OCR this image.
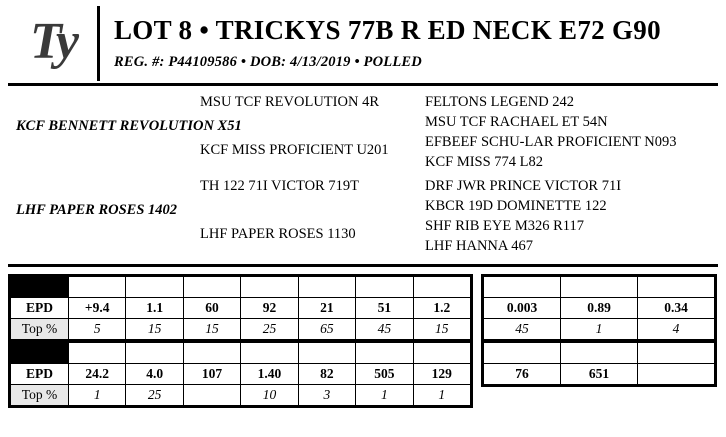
Ty LOT 8 • TRICKYS 77B R ED NECK E72 G90
REG. #: P44109586 • DOB: 4/13/2019 • POLLED
MSU TCF REVOLUTION 4R
KCF BENNETT REVOLUTION X51
KCF MISS PROFICIENT U201
FELTONS LEGEND 242
MSU TCF RACHAEL ET 54N
EFBEEF SCHU-LAR PROFICIENT N093
KCF MISS 774 L82
TH 122 71I VICTOR 719T
LHF PAPER ROSES 1402
LHF PAPER ROSES 1130
DRF JWR PRINCE VICTOR 71I
KBCR 19D DOMINETTE 122
SHF RIB EYE M326 R117
LHF HANNA 467
	CED	BW	WW	YW	M	M&G	SC
EPD	+9.4	1.1	60	92	21	51	1.2
Top %	5	15	15	25	65	45	15
	SCF	CEM	MCW	UDR	CW	BMI$	CHB$
EPD	24.2	4.0	107	1.40	82	505	129
Top %	1	25		10	3	1	1
FAT	REA	MRB
0.003	0.89	0.34
45	1	4
Act. BW	Adj. 205	
76	651	
